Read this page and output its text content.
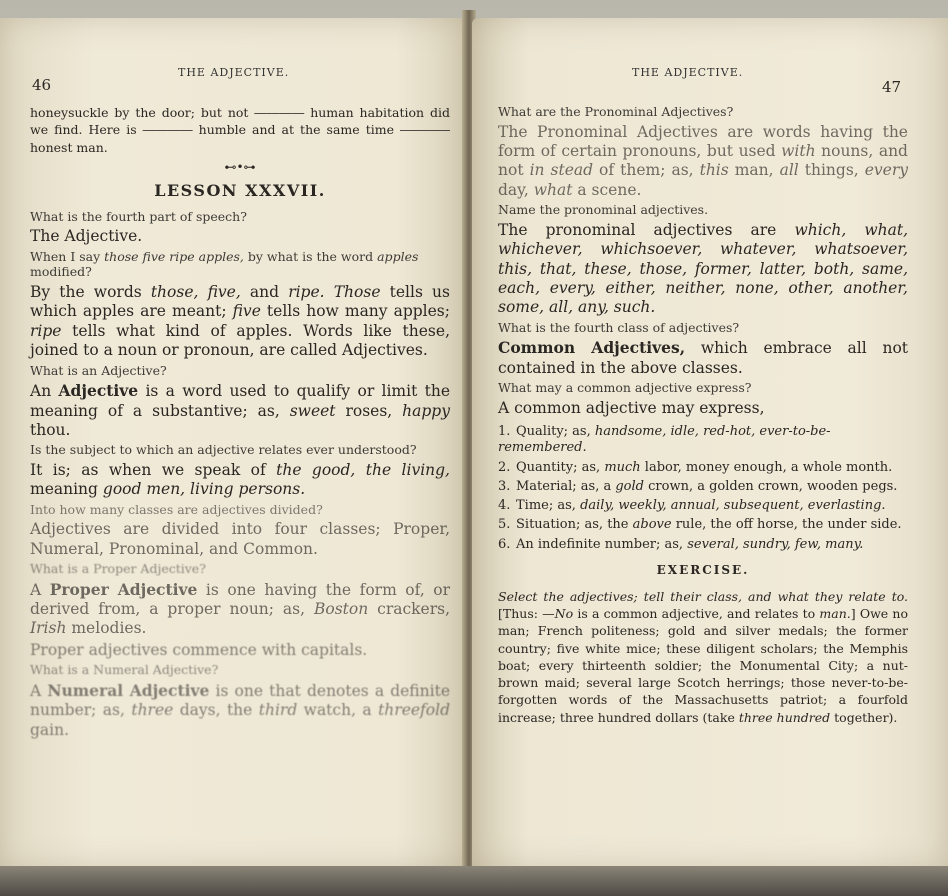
46
THE ADJECTIVE.
honeysuckle by the door; but not ―――― human habitation did we find. Here is ―――― humble and at the same time ―――― honest man.
⊷•⊶
LESSON XXXVII.
What is the fourth part of speech?
The Adjective.
When I say those five ripe apples, by what is the word apples modified?
By the words those, five, and ripe. Those tells us which apples are meant; five tells how many apples; ripe tells what kind of apples. Words like these, joined to a noun or pronoun, are called Adjectives.
What is an Adjective?
An Adjective is a word used to qualify or limit the meaning of a substantive; as, sweet roses, happy thou.
Is the subject to which an adjective relates ever understood?
It is; as when we speak of the good, the living, meaning good men, living persons.
Into how many classes are adjectives divided?
Adjectives are divided into four classes; Proper, Numeral, Pronominal, and Common.
What is a Proper Adjective?
A Proper Adjective is one having the form of, or derived from, a proper noun; as, Boston crackers, Irish melodies.
Proper adjectives commence with capitals.
What is a Numeral Adjective?
A Numeral Adjective is one that denotes a definite number; as, three days, the third watch, a threefold gain.
THE ADJECTIVE.
47
What are the Pronominal Adjectives?
The Pronominal Adjectives are words having the form of certain pronouns, but used with nouns, and not in stead of them; as, this man, all things, every day, what a scene.
Name the pronominal adjectives.
The pronominal adjectives are which, what, whichever, whichsoever, whatever, whatsoever, this, that, these, those, former, latter, both, same, each, every, either, neither, none, other, another, some, all, any, such.
What is the fourth class of adjectives?
Common Adjectives, which embrace all not contained in the above classes.
What may a common adjective express?
A common adjective may express,
1. Quality; as, handsome, idle, red-hot, ever-to-be-remembered.
2. Quantity; as, much labor, money enough, a whole month.
3. Material; as, a gold crown, a golden crown, wooden pegs.
4. Time; as, daily, weekly, annual, subsequent, everlasting.
5. Situation; as, the above rule, the off horse, the under side.
6. An indefinite number; as, several, sundry, few, many.
EXERCISE.
Select the adjectives; tell their class, and what they relate to. [Thus: —No is a common adjective, and relates to man.] Owe no man; French politeness; gold and silver medals; the former country; five white mice; these diligent scholars; the Memphis boat; every thirteenth soldier; the Monumental City; a nut-brown maid; several large Scotch herrings; those never-to-be-forgotten words of the Massachusetts patriot; a fourfold increase; three hundred dollars (take three hundred together).
